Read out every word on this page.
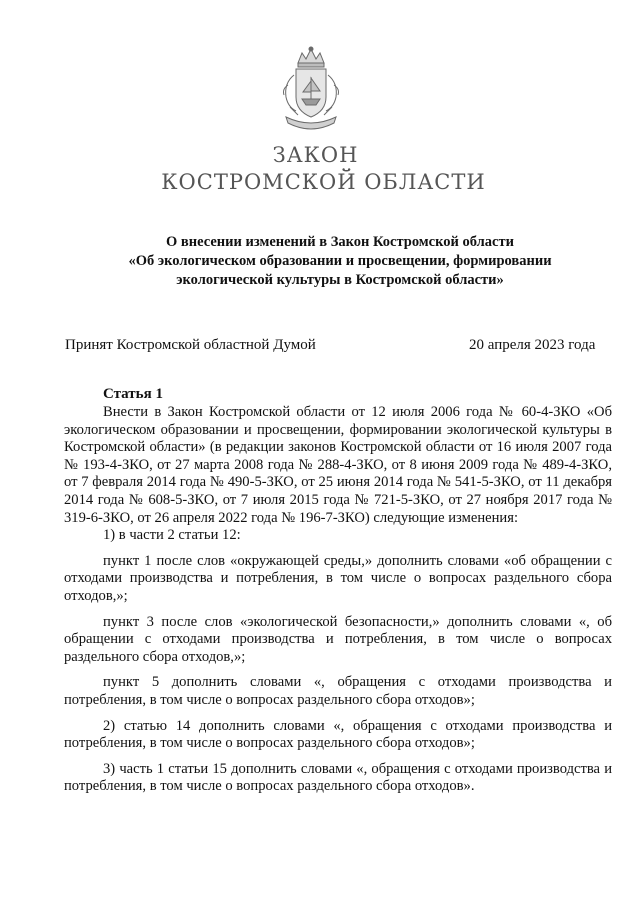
ЗАКОН
КОСТРОМСКОЙ ОБЛАСТИ
О внесении изменений в Закон Костромской области
«Об экологическом образовании и просвещении, формировании
экологической культуры в Костромской области»
Принят Костромской областной Думой	20 апреля 2023 года
Статья 1

Внести в Закон Костромской области от 12 июля 2006 года № 60-4-ЗКО «Об экологическом образовании и просвещении, формировании экологической культуры в Костромской области» (в редакции законов Костромской области от 16 июля 2007 года № 193-4-ЗКО, от 27 марта 2008 года № 288-4-ЗКО, от 8 июня 2009 года № 489-4-ЗКО, от 7 февраля 2014 года № 490-5-ЗКО, от 25 июня 2014 года № 541-5-ЗКО, от 11 декабря 2014 года № 608-5-ЗКО, от 7 июля 2015 года № 721-5-ЗКО, от 27 ноября 2017 года № 319-6-ЗКО, от 26 апреля 2022 года № 196-7-ЗКО) следующие изменения:

1) в части 2 статьи 12:

пункт 1 после слов «окружающей среды,» дополнить словами «об обращении с отходами производства и потребления, в том числе о вопросах раздельного сбора отходов,»;

пункт 3 после слов «экологической безопасности,» дополнить словами «, об обращении с отходами производства и потребления, в том числе о вопросах раздельного сбора отходов,»;

пункт 5 дополнить словами «, обращения с отходами производства и потребления, в том числе о вопросах раздельного сбора отходов»;

2) статью 14 дополнить словами «, обращения с отходами производства и потребления, в том числе о вопросах раздельного сбора отходов»;

3) часть 1 статьи 15 дополнить словами «, обращения с отходами производства и потребления, в том числе о вопросах раздельного сбора отходов».
